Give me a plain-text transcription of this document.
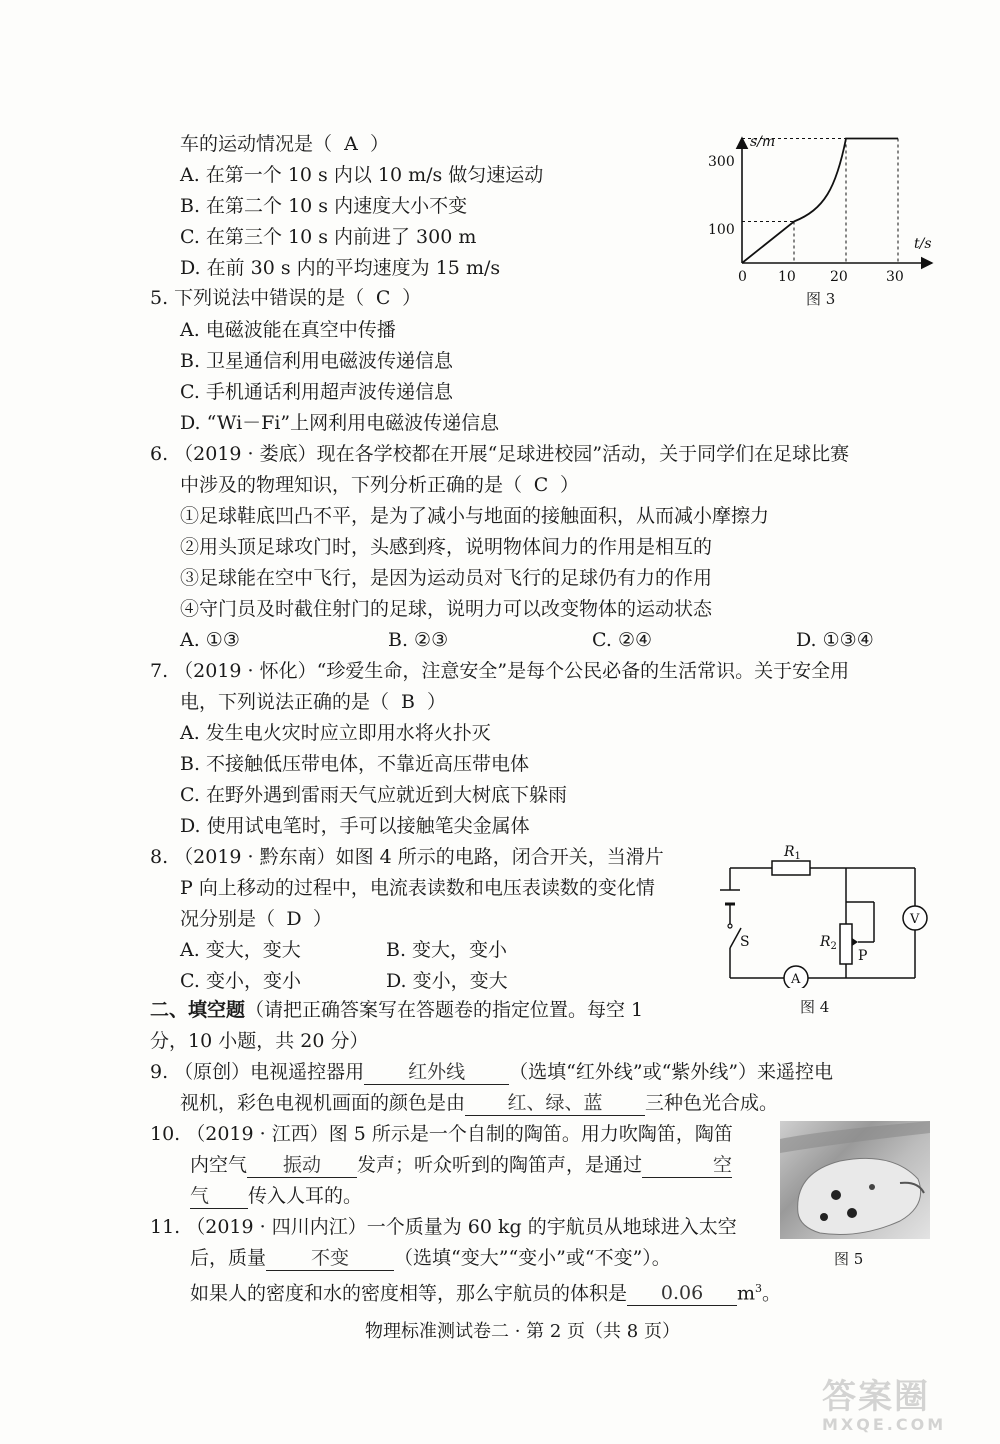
车的运动情况是（ A ）
A. 在第一个 10 s 内以 10 m/s 做匀速运动
B. 在第二个 10 s 内速度大小不变
C. 在第三个 10 s 内前进了 300 m
D. 在前 30 s 内的平均速度为 15 m/s
s/m
t/s
300
100
0 10 20	30
图 3
5. 下列说法中错误的是（ C ）
A. 电磁波能在真空中传播
B. 卫星通信利用电磁波传递信息
C. 手机通话利用超声波传递信息
D. “Wi－Fi”上网利用电磁波传递信息
6. （2019 · 娄底）现在各学校都在开展“足球进校园”活动，关于同学们在足球比赛
中涉及的物理知识，下列分析正确的是（ C ）
①足球鞋底凹凸不平，是为了减小与地面的接触面积，从而减小摩擦力
②用头顶足球攻门时，头感到疼，说明物体间力的作用是相互的
③足球能在空中飞行，是因为运动员对飞行的足球仍有力的作用
④守门员及时截住射门的足球，说明力可以改变物体的运动状态
A. ①③	B. ②③	C. ②④	D. ①③④
7. （2019 · 怀化）“珍爱生命，注意安全”是每个公民必备的生活常识。关于安全用
电，下列说法正确的是（ B ）
A. 发生电火灾时应立即用水将火扑灭
B. 不接触低压带电体，不靠近高压带电体
C. 在野外遇到雷雨天气应就近到大树底下躲雨
D. 使用试电笔时，手可以接触笔尖金属体
8. （2019 · 黔东南）如图 4 所示的电路，闭合开关，当滑片
P 向上移动的过程中，电流表读数和电压表读数的变化情
况分别是（ D ）
A. 变大，变大	B. 变大，变小
C. 变小，变小	D. 变小，变大
S
$R_1$
$R_2$
P
A
V
图 4
二、填空题（请把正确答案写在答题卷的指定位置。每空 1
分，10 小题，共 20 分）
9. （原创）电视遥控器用 红外线 （选填“红外线”或“紫外线”）来遥控电
视机，彩色电视机画面的颜色是由 红、绿、蓝 三种色光合成。
10. （2019 · 江西）图 5 所示是一个自制的陶笛。用力吹陶笛，陶笛
内空气 振动 发声；听众听到的陶笛声，是通过	空
气 传入人耳的。
图 5
11. （2019 · 四川内江）一个质量为 60 kg 的宇航员从地球进入太空
后，质量 不变 （选填“变大”“变小”或“不变”）。
如果人的密度和水的密度相等，那么宇航员的体积是 0.06 $m^3$。
物理标准测试卷二 · 第 2 页（共 8 页）
答案圈
MXQE.COM
